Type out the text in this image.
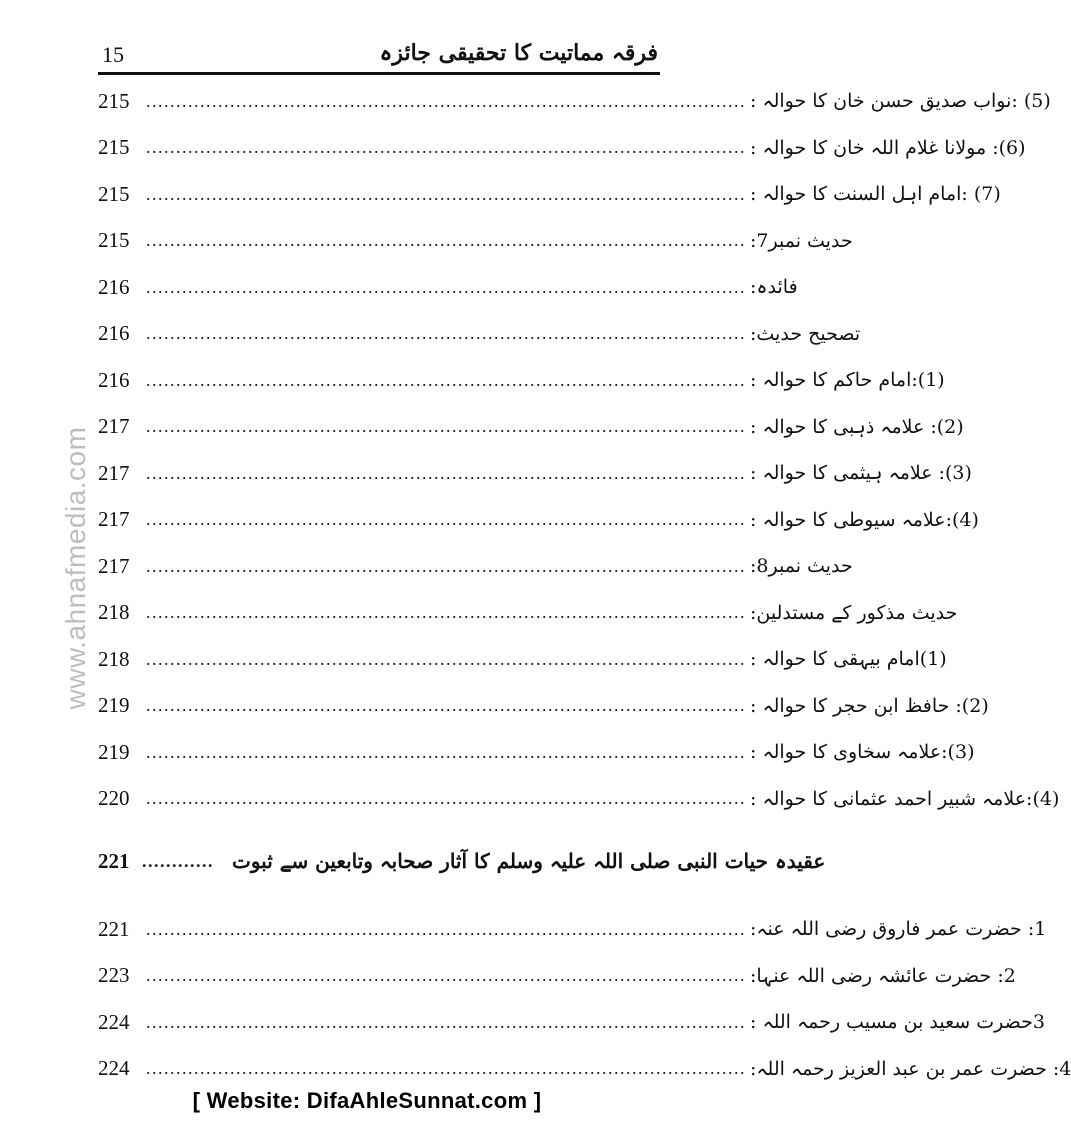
15	فرقہ مماتیت کا تحقیقی جائزہ
www.ahnafmedia.com
215 .................................................................................................... (5) :نواب صدیق حسن خان کا حوالہ :
215 .................................................................................................... (6): مولانا غلام اللہ خان کا حوالہ :
215 .................................................................................................... (7) :امام اہل السنت کا حوالہ :
215 .................................................................................................... حدیث نمبر7:
216 .................................................................................................... فائدہ:
216 .................................................................................................... تصحیح حدیث:
216 .................................................................................................... (1):امام حاکم کا حوالہ :
217 .................................................................................................... (2): علامہ ذہبی کا حوالہ :
217 .................................................................................................... (3): علامہ ہیثمی کا حوالہ :
217 .................................................................................................... (4):علامہ سیوطی کا حوالہ :
217 .................................................................................................... حدیث نمبر8:
218 .................................................................................................... حدیث مذکور کے مستدلین:
218 .................................................................................................... (1)امام بیہقی کا حوالہ :
219 .................................................................................................... (2): حافظ ابن حجر کا حوالہ :
219 .................................................................................................... (3):علامہ سخاوی کا حوالہ :
220 .................................................................................................... (4):علامہ شبیر احمد عثمانی کا حوالہ :
221 ............ عقیدہ حیات النبی صلی اللہ علیہ وسلم کا آثار صحابہ وتابعین سے ثبوت
221 .................................................................................................... 1: حضرت عمر فاروق رضی اللہ عنہ:
223 .................................................................................................... 2: حضرت عائشہ رضی اللہ عنہا:
224 .................................................................................................... 3حضرت سعید بن مسیب رحمہ اللہ :
224 .................................................................................................... 4: حضرت عمر بن عبد العزیز رحمہ اللہ:
[ Website: DifaAhleSunnat.com ]
